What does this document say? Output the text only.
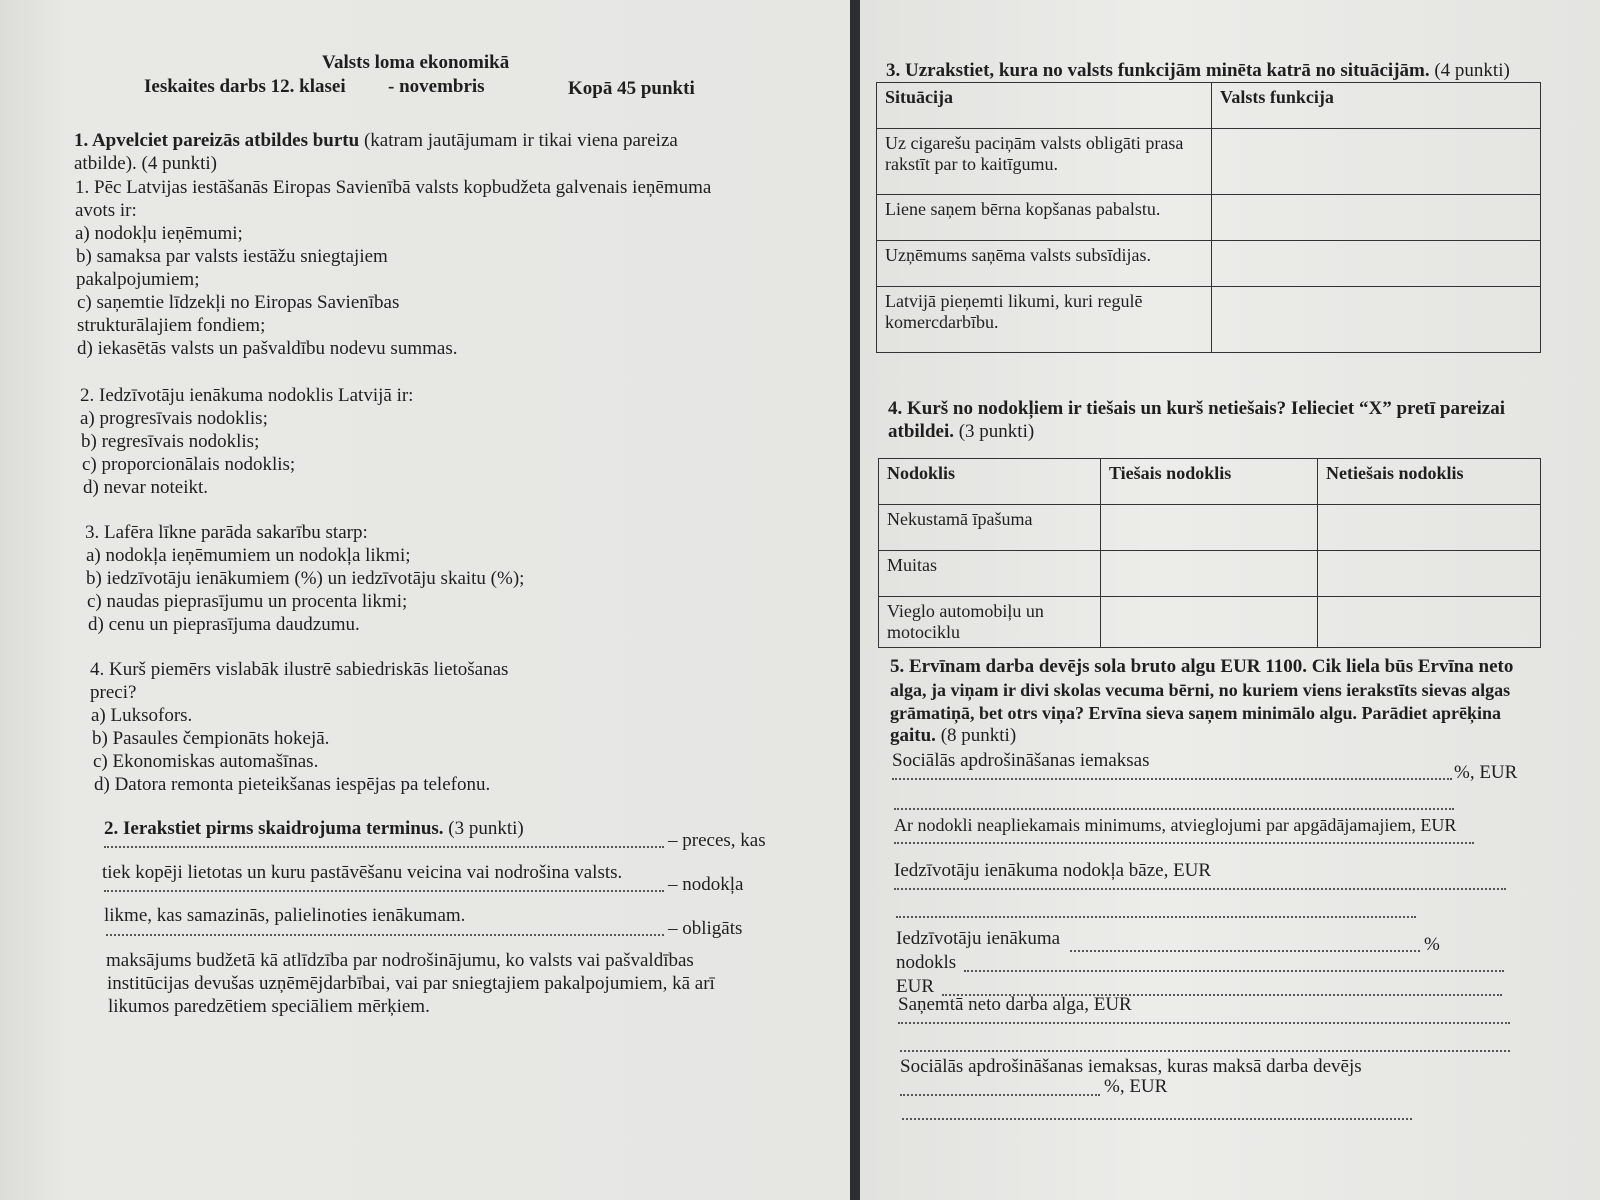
Valsts loma ekonomikā
Ieskaites darbs 12. klasei - novembris	Kopā 45 punkti
1. Apvelciet pareizās atbildes burtu (katram jautājumam ir tikai viena pareiza
atbilde). (4 punkti)
1. Pēc Latvijas iestāšanās Eiropas Savienībā valsts kopbudžeta galvenais ieņēmuma
avots ir:
a) nodokļu ieņēmumi;
b) samaksa par valsts iestāžu sniegtajiem
pakalpojumiem;
c) saņemtie līdzekļi no Eiropas Savienības
strukturālajiem fondiem;
d) iekasētās valsts un pašvaldību nodevu summas.
2. Iedzīvotāju ienākuma nodoklis Latvijā ir:
a) progresīvais nodoklis;
b) regresīvais nodoklis;
c) proporcionālais nodoklis;
d) nevar noteikt.
3. Lafēra līkne parāda sakarību starp:
a) nodokļa ieņēmumiem un nodokļa likmi;
b) iedzīvotāju ienākumiem (%) un iedzīvotāju skaitu (%);
c) naudas pieprasījumu un procenta likmi;
d) cenu un pieprasījuma daudzumu.
4. Kurš piemērs vislabāk ilustrē sabiedriskās lietošanas
preci?
a) Luksofors.
b) Pasaules čempionāts hokejā.
c) Ekonomiskas automašīnas.
d) Datora remonta pieteikšanas iespējas pa telefonu.
2. Ierakstiet pirms skaidrojuma terminus. (3 punkti)
– preces, kas
tiek kopēji lietotas un kuru pastāvēšanu veicina vai nodrošina valsts.
– nodokļa
likme, kas samazinās, palielinoties ienākumam.
– obligāts
maksājums budžetā kā atlīdzība par nodrošinājumu, ko valsts vai pašvaldības
institūcijas devušas uzņēmējdarbībai, vai par sniegtajiem pakalpojumiem, kā arī
likumos paredzētiem speciāliem mērķiem.
3. Uzrakstiet, kura no valsts funkcijām minēta katrā no situācijām. (4 punkti)
Situācija	Valsts funkcija
Uz cigarešu paciņām valsts obligāti prasa rakstīt par to kaitīgumu.	
Liene saņem bērna kopšanas pabalstu.	
Uzņēmums saņēma valsts subsīdijas.	
Latvijā pieņemti likumi, kuri regulē komercdarbību.	
4. Kurš no nodokļiem ir tiešais un kurš netiešais? Ielieciet “X” pretī pareizai
atbildei. (3 punkti)
Nodoklis	Tiešais nodoklis	Netiešais nodoklis
Nekustamā īpašuma		
Muitas		
Vieglo automobiļu un motociklu		
5. Ervīnam darba devējs sola bruto algu EUR 1100. Cik liela būs Ervīna neto
alga, ja viņam ir divi skolas vecuma bērni, no kuriem viens ierakstīts sievas algas
grāmatiņā, bet otrs viņa? Ervīna sieva saņem minimālo algu. Parādiet aprēķina
gaitu. (8 punkti)
Sociālās apdrošināšanas iemaksas
%, EUR
Ar nodokli neapliekamais minimums, atvieglojumi par apgādājamajiem, EUR
Iedzīvotāju ienākuma nodokļa bāze, EUR
Iedzīvotāju ienākuma	%
nodokls
EUR
Saņemtā neto darba alga, EUR
Sociālās apdrošināšanas iemaksas, kuras maksā darba devējs
%, EUR
